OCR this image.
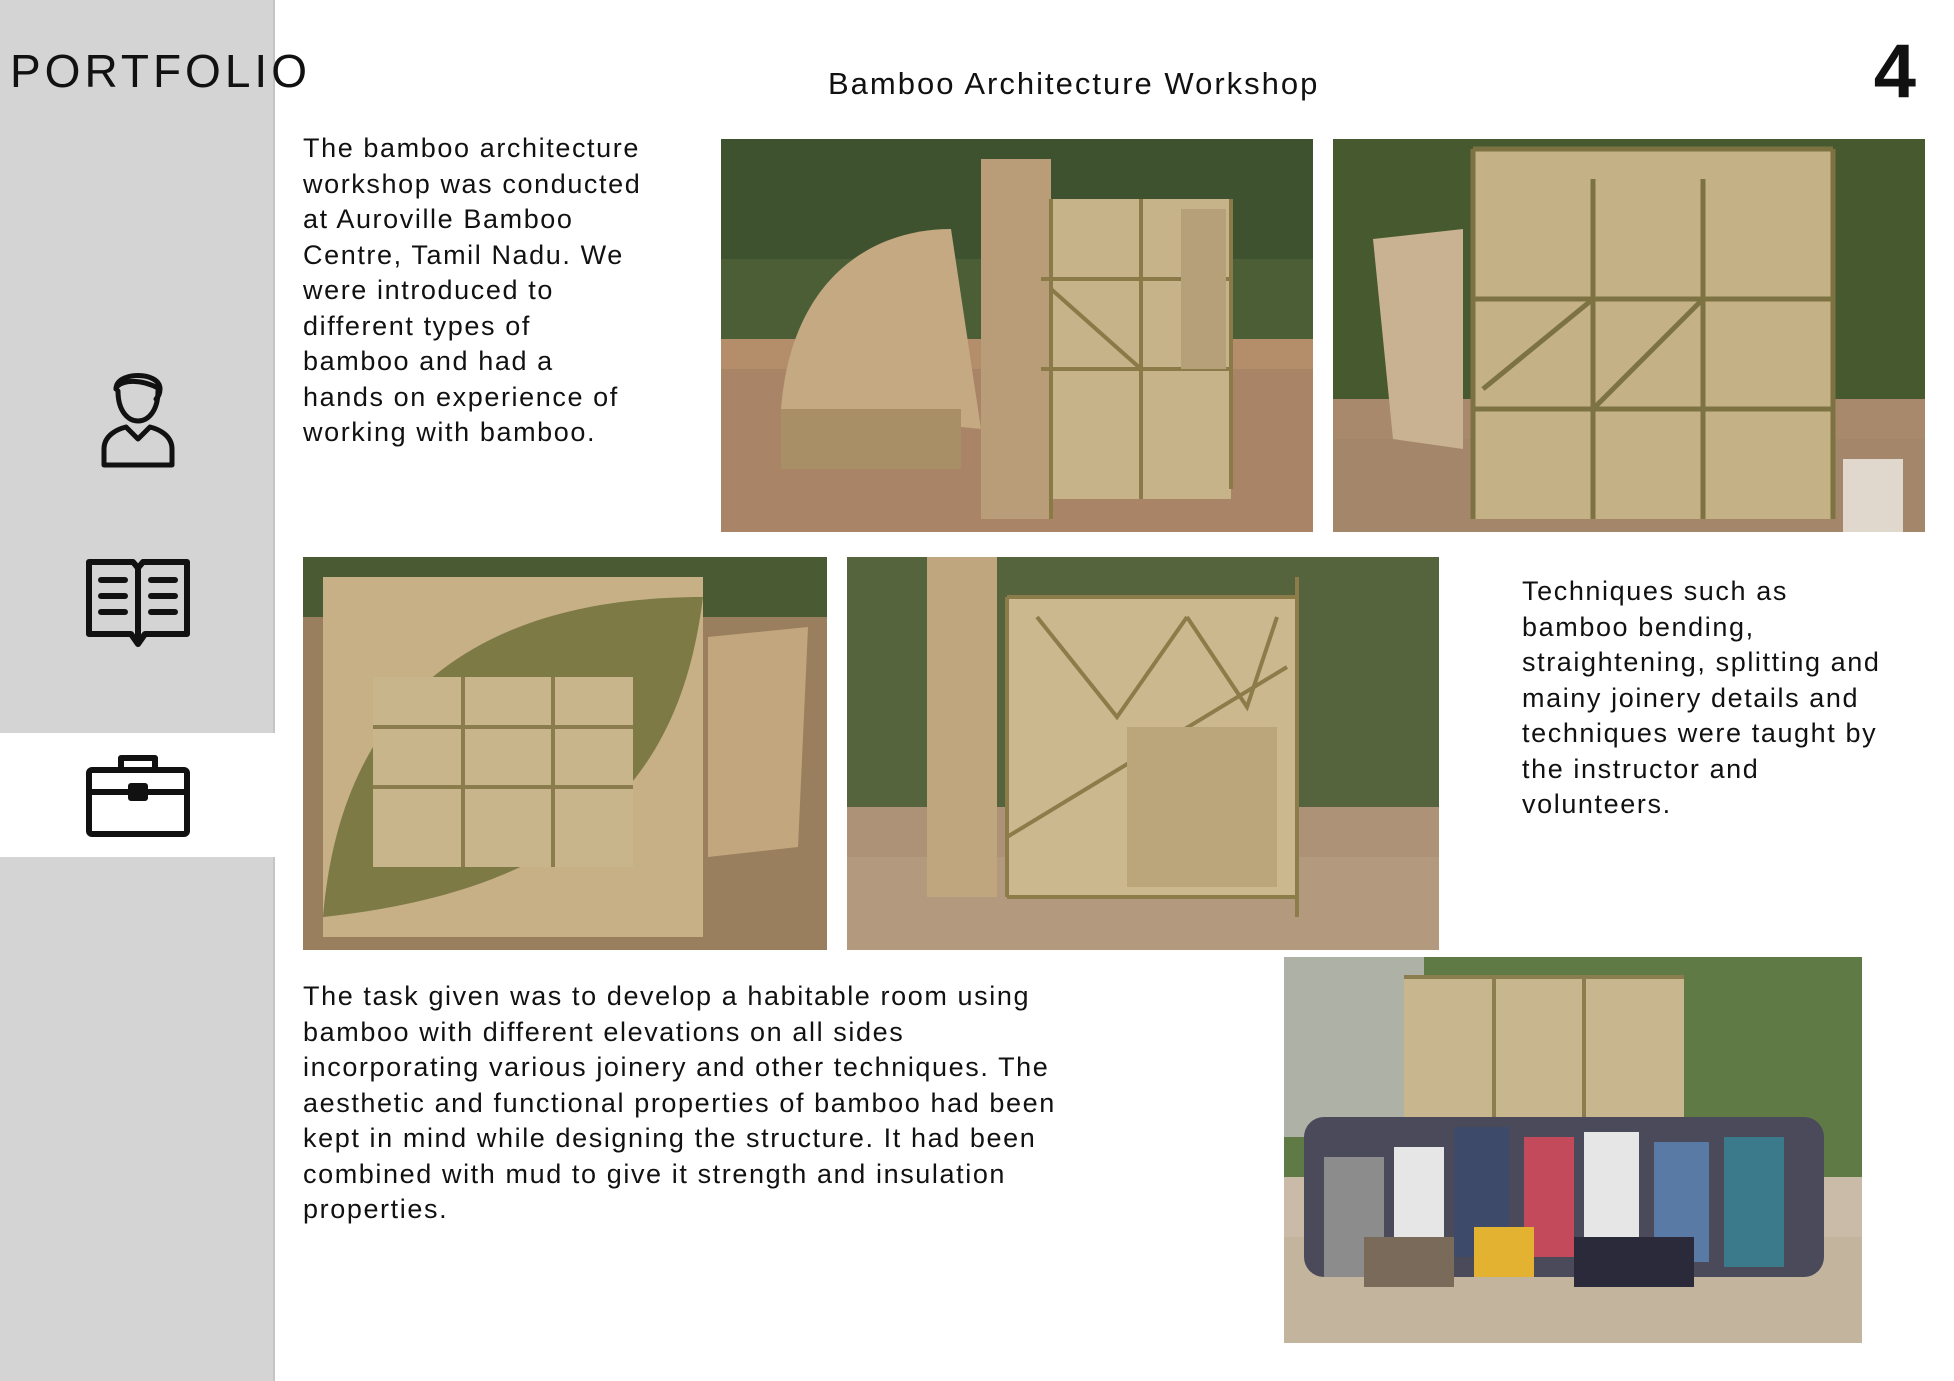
PORTFOLIO	4
Bamboo Architecture Workshop

The bamboo architecture
workshop was conducted
at Auroville Bamboo
Centre, Tamil Nadu. We
were introduced to
different types of
bamboo and had a
hands on experience of
working with bamboo.

Techniques such as
bamboo bending,
straightening, splitting and
mainy joinery details and
techniques were taught by
the instructor and
volunteers.

The task given was to develop a habitable room using
bamboo with different elevations on all sides
incorporating various joinery and other techniques. The
aesthetic and functional properties of bamboo had been
kept in mind while designing the structure. It had been
combined with mud to give it strength and insulation
properties.
